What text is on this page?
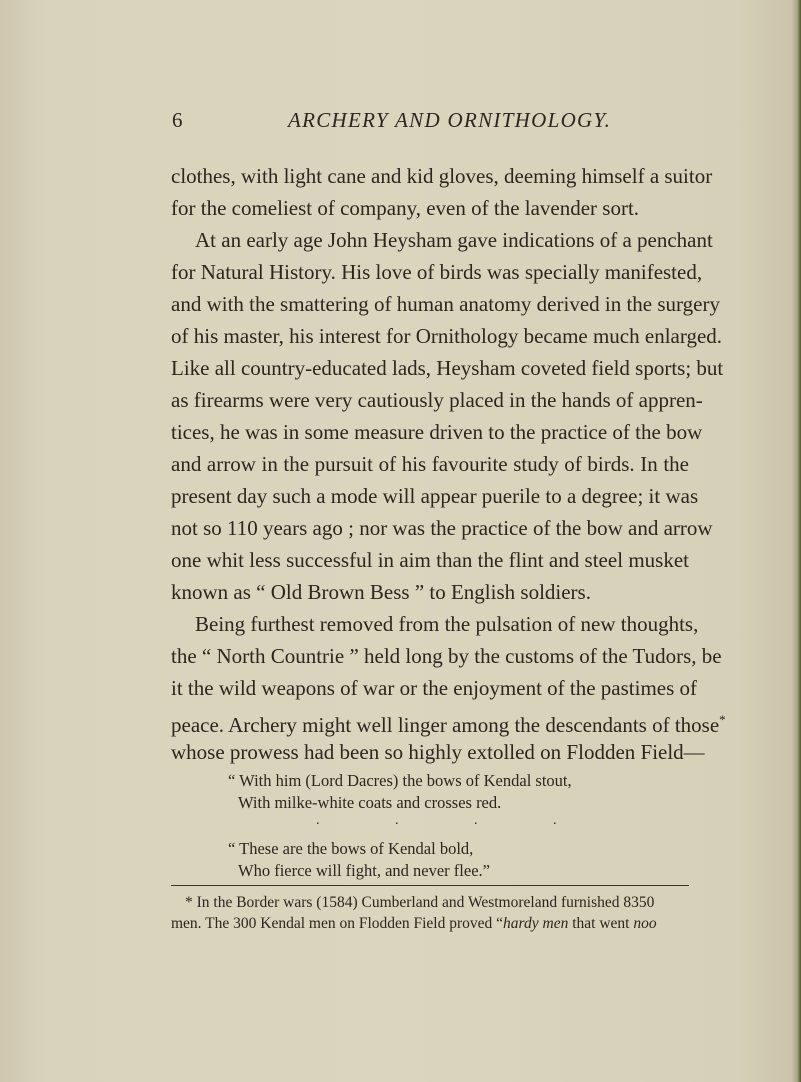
6	ARCHERY AND ORNITHOLOGY.
clothes, with light cane and kid gloves, deeming himself a suitor
for the comeliest of company, even of the lavender sort.
At an early age John Heysham gave indications of a penchant
for Natural History. His love of birds was specially manifested,
and with the smattering of human anatomy derived in the surgery
of his master, his interest for Ornithology became much enlarged.
Like all country-educated lads, Heysham coveted field sports; but
as firearms were very cautiously placed in the hands of appren-
tices, he was in some measure driven to the practice of the bow
and arrow in the pursuit of his favourite study of birds. In the
present day such a mode will appear puerile to a degree; it was
not so 110 years ago ; nor was the practice of the bow and arrow
one whit less successful in aim than the flint and steel musket
known as “ Old Brown Bess ” to English soldiers.
Being furthest removed from the pulsation of new thoughts,
the “ North Countrie ” held long by the customs of the Tudors, be
it the wild weapons of war or the enjoyment of the pastimes of
peace. Archery might well linger among the descendants of those*
whose prowess had been so highly extolled on Flodden Field—
“ With him (Lord Dacres) the bows of Kendal stout,
With milke-white coats and crosses red.
. . . .
“ These are the bows of Kendal bold,
Who fierce will fight, and never flee.”
* In the Border wars (1584) Cumberland and Westmoreland furnished 8350
men. The 300 Kendal men on Flodden Field proved “hardy men that went noo
